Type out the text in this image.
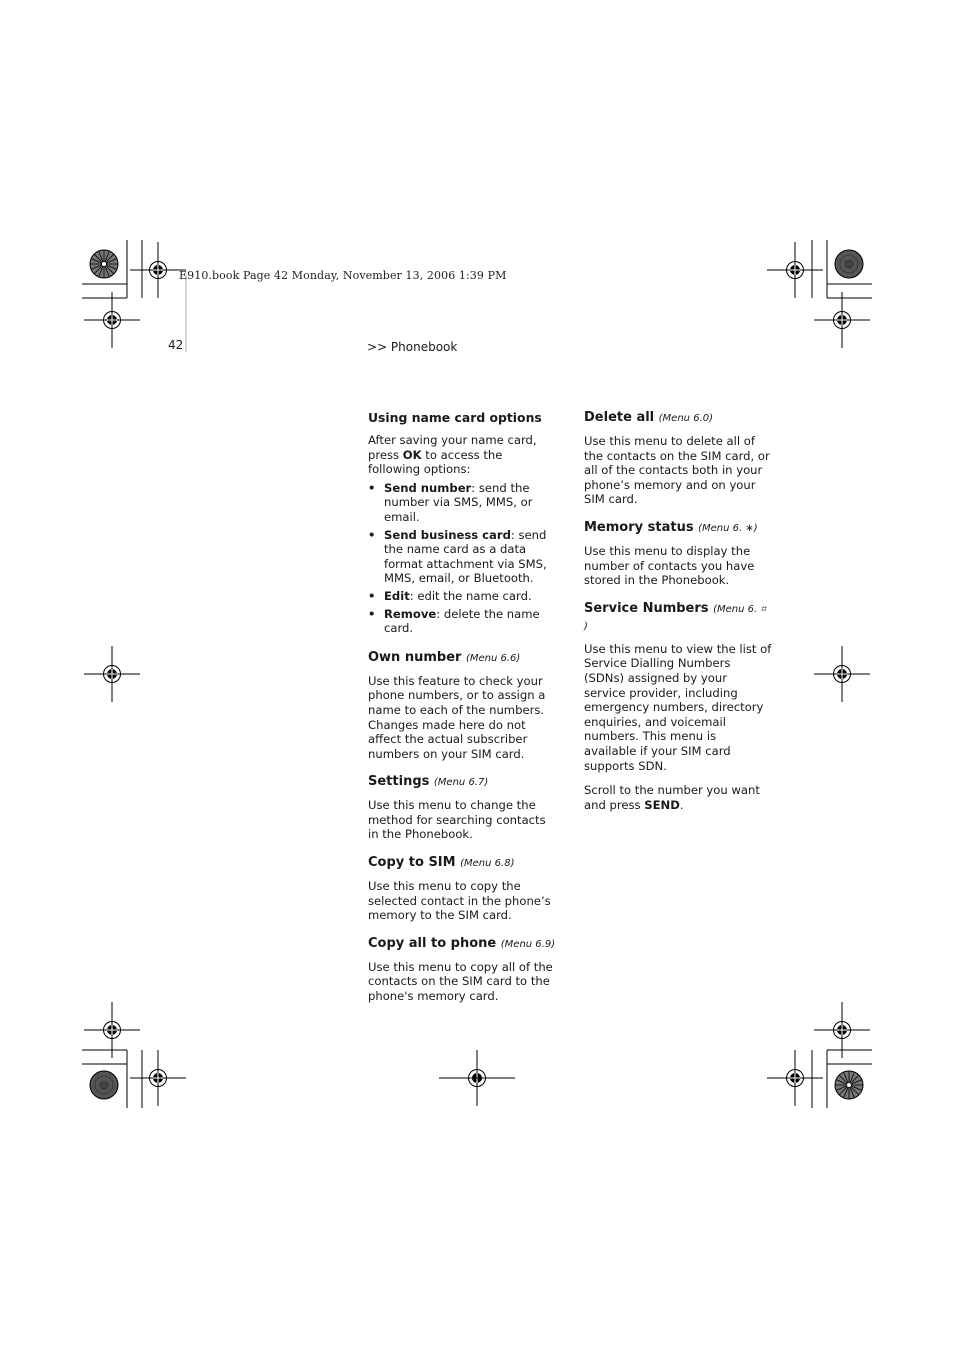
E910.book Page 42 Monday, November 13, 2006 1:39 PM
42	>> Phonebook
Using name card options

After saving your name card, press OK to access the following options:

• Send number: send the number via SMS, MMS, or email.
• Send business card: send the name card as a data format attachment via SMS, MMS, email, or Bluetooth.
• Edit: edit the name card.
• Remove: delete the name card.
Own number (Menu 6.6)

Use this feature to check your phone numbers, or to assign a name to each of the numbers. Changes made here do not affect the actual subscriber numbers on your SIM card.

Settings (Menu 6.7)

Use this menu to change the method for searching contacts in the Phonebook.

Copy to SIM (Menu 6.8)

Use this menu to copy the selected contact in the phone’s memory to the SIM card.

Copy all to phone (Menu 6.9)

Use this menu to copy all of the contacts on the SIM card to the phone's memory card.

Delete all (Menu 6.0)

Use this menu to delete all of the contacts on the SIM card, or all of the contacts both in your phone’s memory and on your SIM card.

Memory status (Menu 6. ∗)

Use this menu to display the number of contacts you have stored in the Phonebook.

Service Numbers (Menu 6. ⌗ )

Use this menu to view the list of Service Dialling Numbers (SDNs) assigned by your service provider, including emergency numbers, directory enquiries, and voicemail numbers. This menu is available if your SIM card supports SDN.

Scroll to the number you want and press SEND.
